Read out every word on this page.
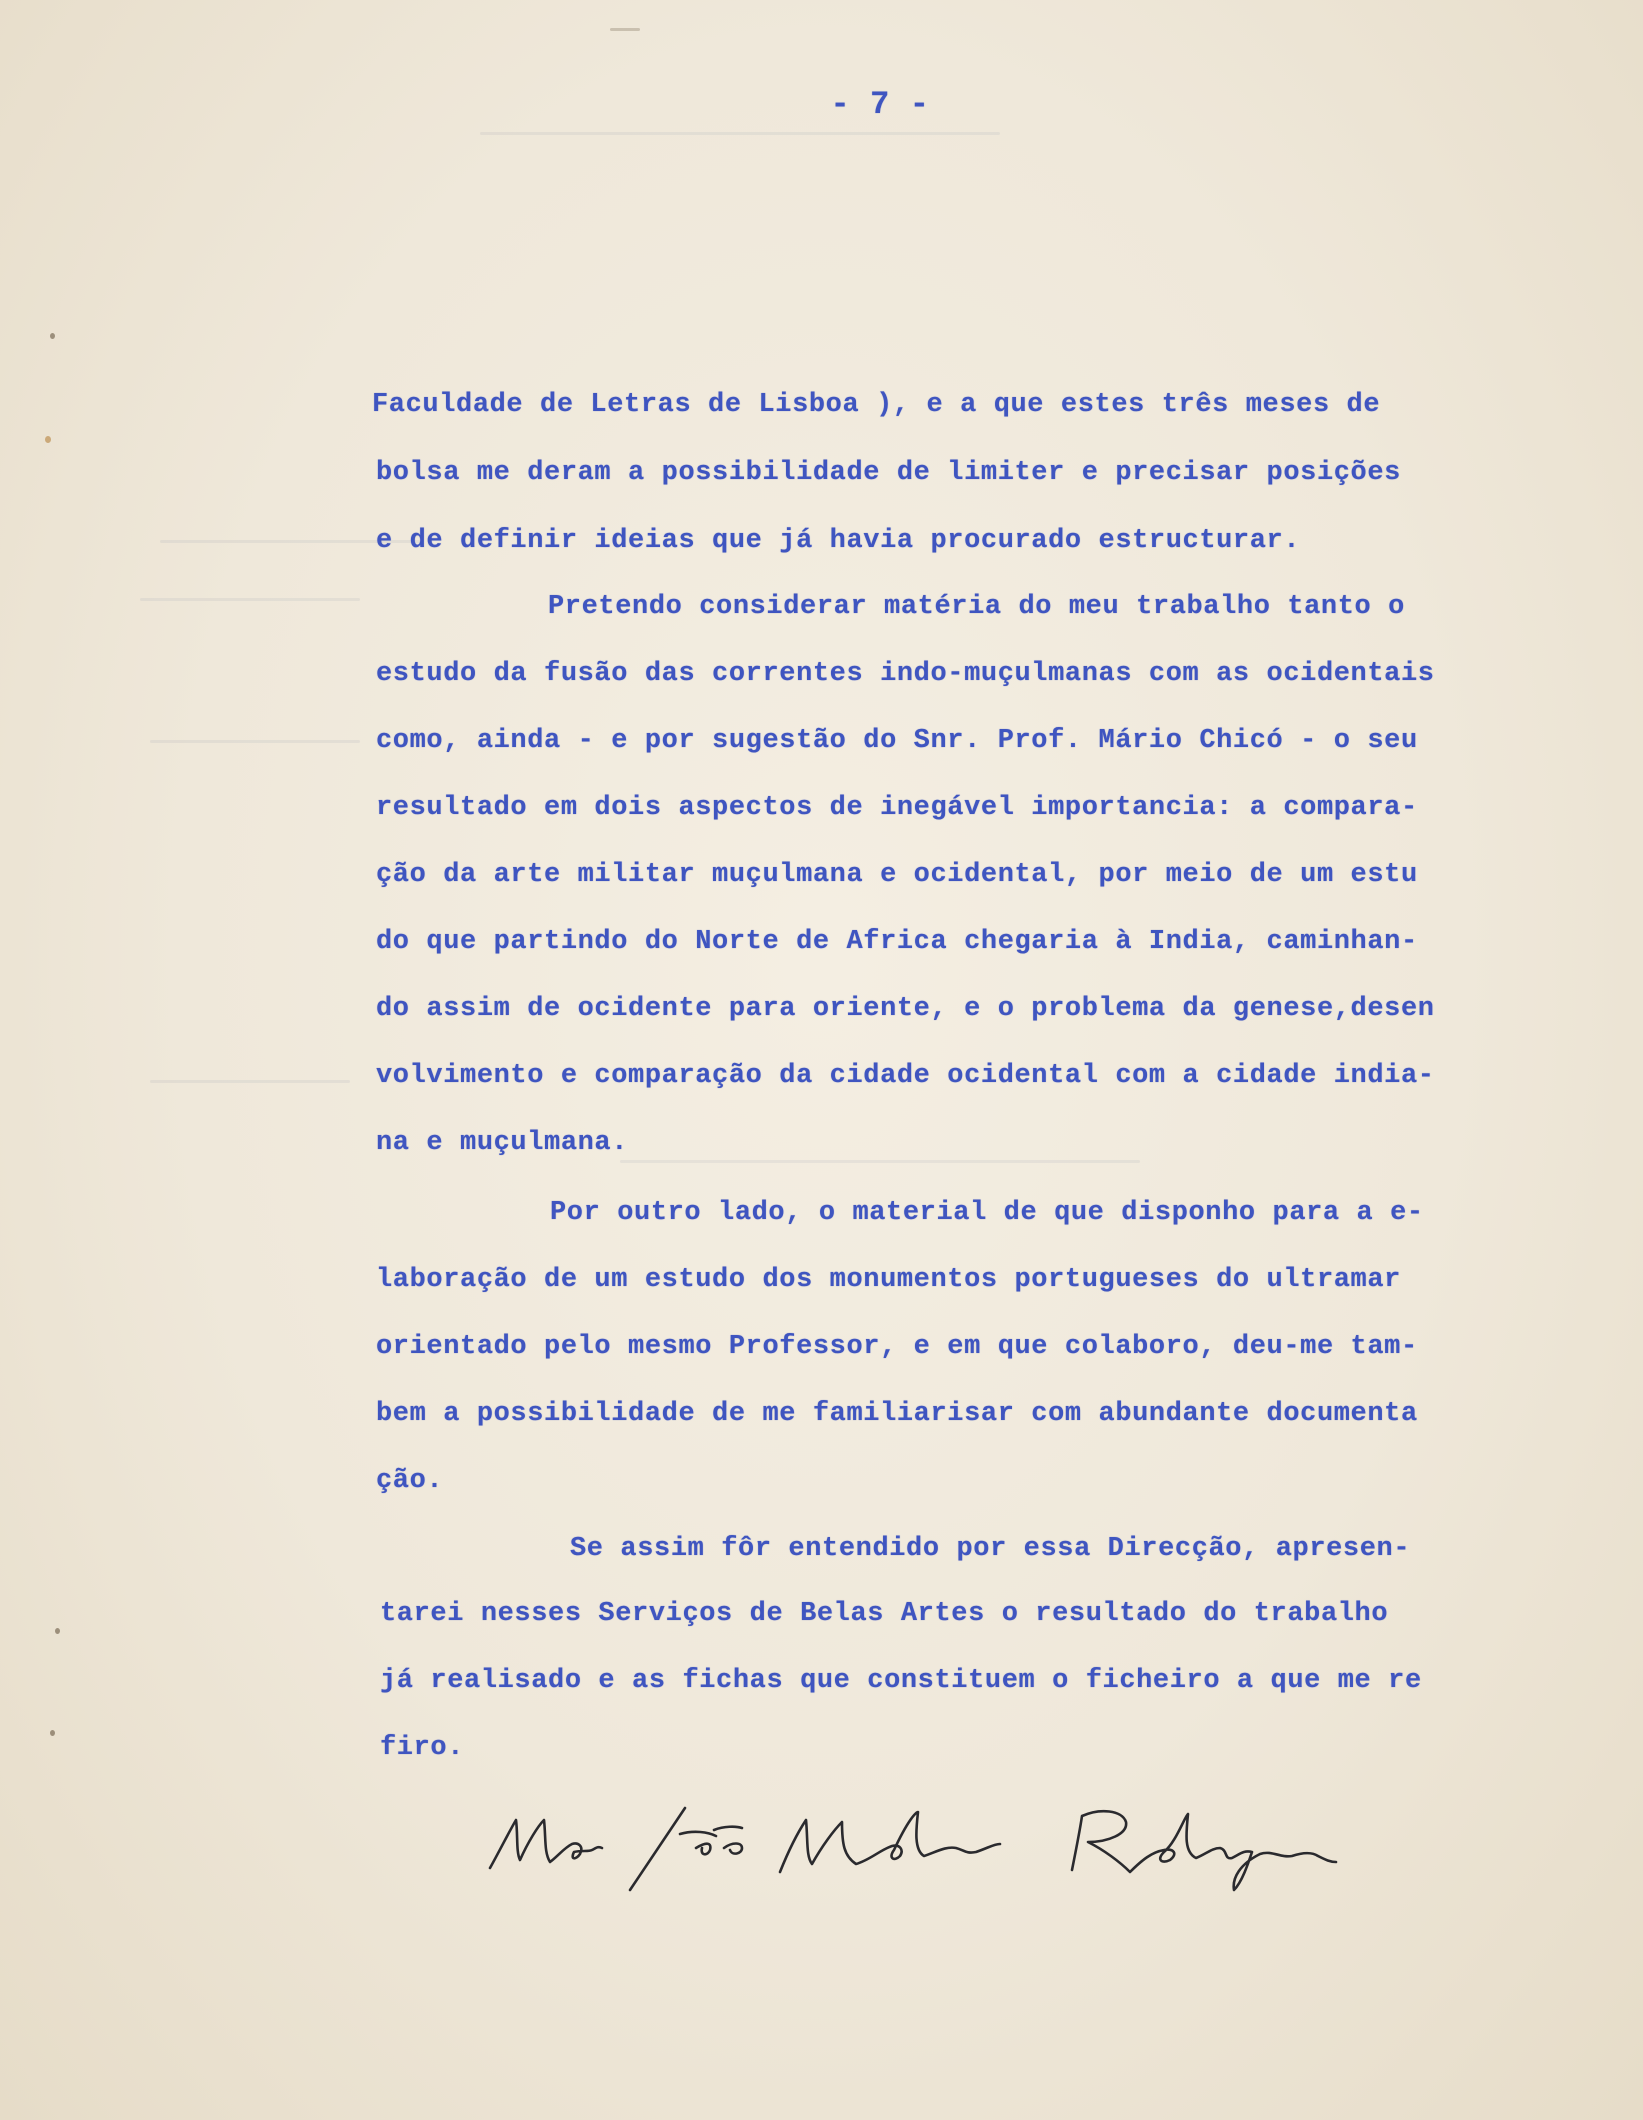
- 7 -
Faculdade de Letras de Lisboa ), e a que estes três meses de
bolsa me deram a possibilidade de limiter e precisar posições
e de definir ideias que já havia procurado estructurar.
Pretendo considerar matéria do meu trabalho tanto o
estudo da fusão das correntes indo-muçulmanas com as ocidentais
como, ainda - e por sugestão do Snr. Prof. Mário Chicó - o seu
resultado em dois aspectos de inegável importancia: a compara-
ção da arte militar muçulmana e ocidental, por meio de um estu
do que partindo do Norte de Africa chegaria à India, caminhan-
do assim de ocidente para oriente, e o problema da genese,desen
volvimento e comparação da cidade ocidental com a cidade india-
na e muçulmana.
Por outro lado, o material de que disponho para a e-
laboração de um estudo dos monumentos portugueses do ultramar
orientado pelo mesmo Professor, e em que colaboro, deu-me tam-
bem a possibilidade de me familiarisar com abundante documenta
ção.
Se assim fôr entendido por essa Direcção, apresen-
tarei nesses Serviços de Belas Artes o resultado do trabalho
já realisado e as fichas que constituem o ficheiro a que me re
firo.
